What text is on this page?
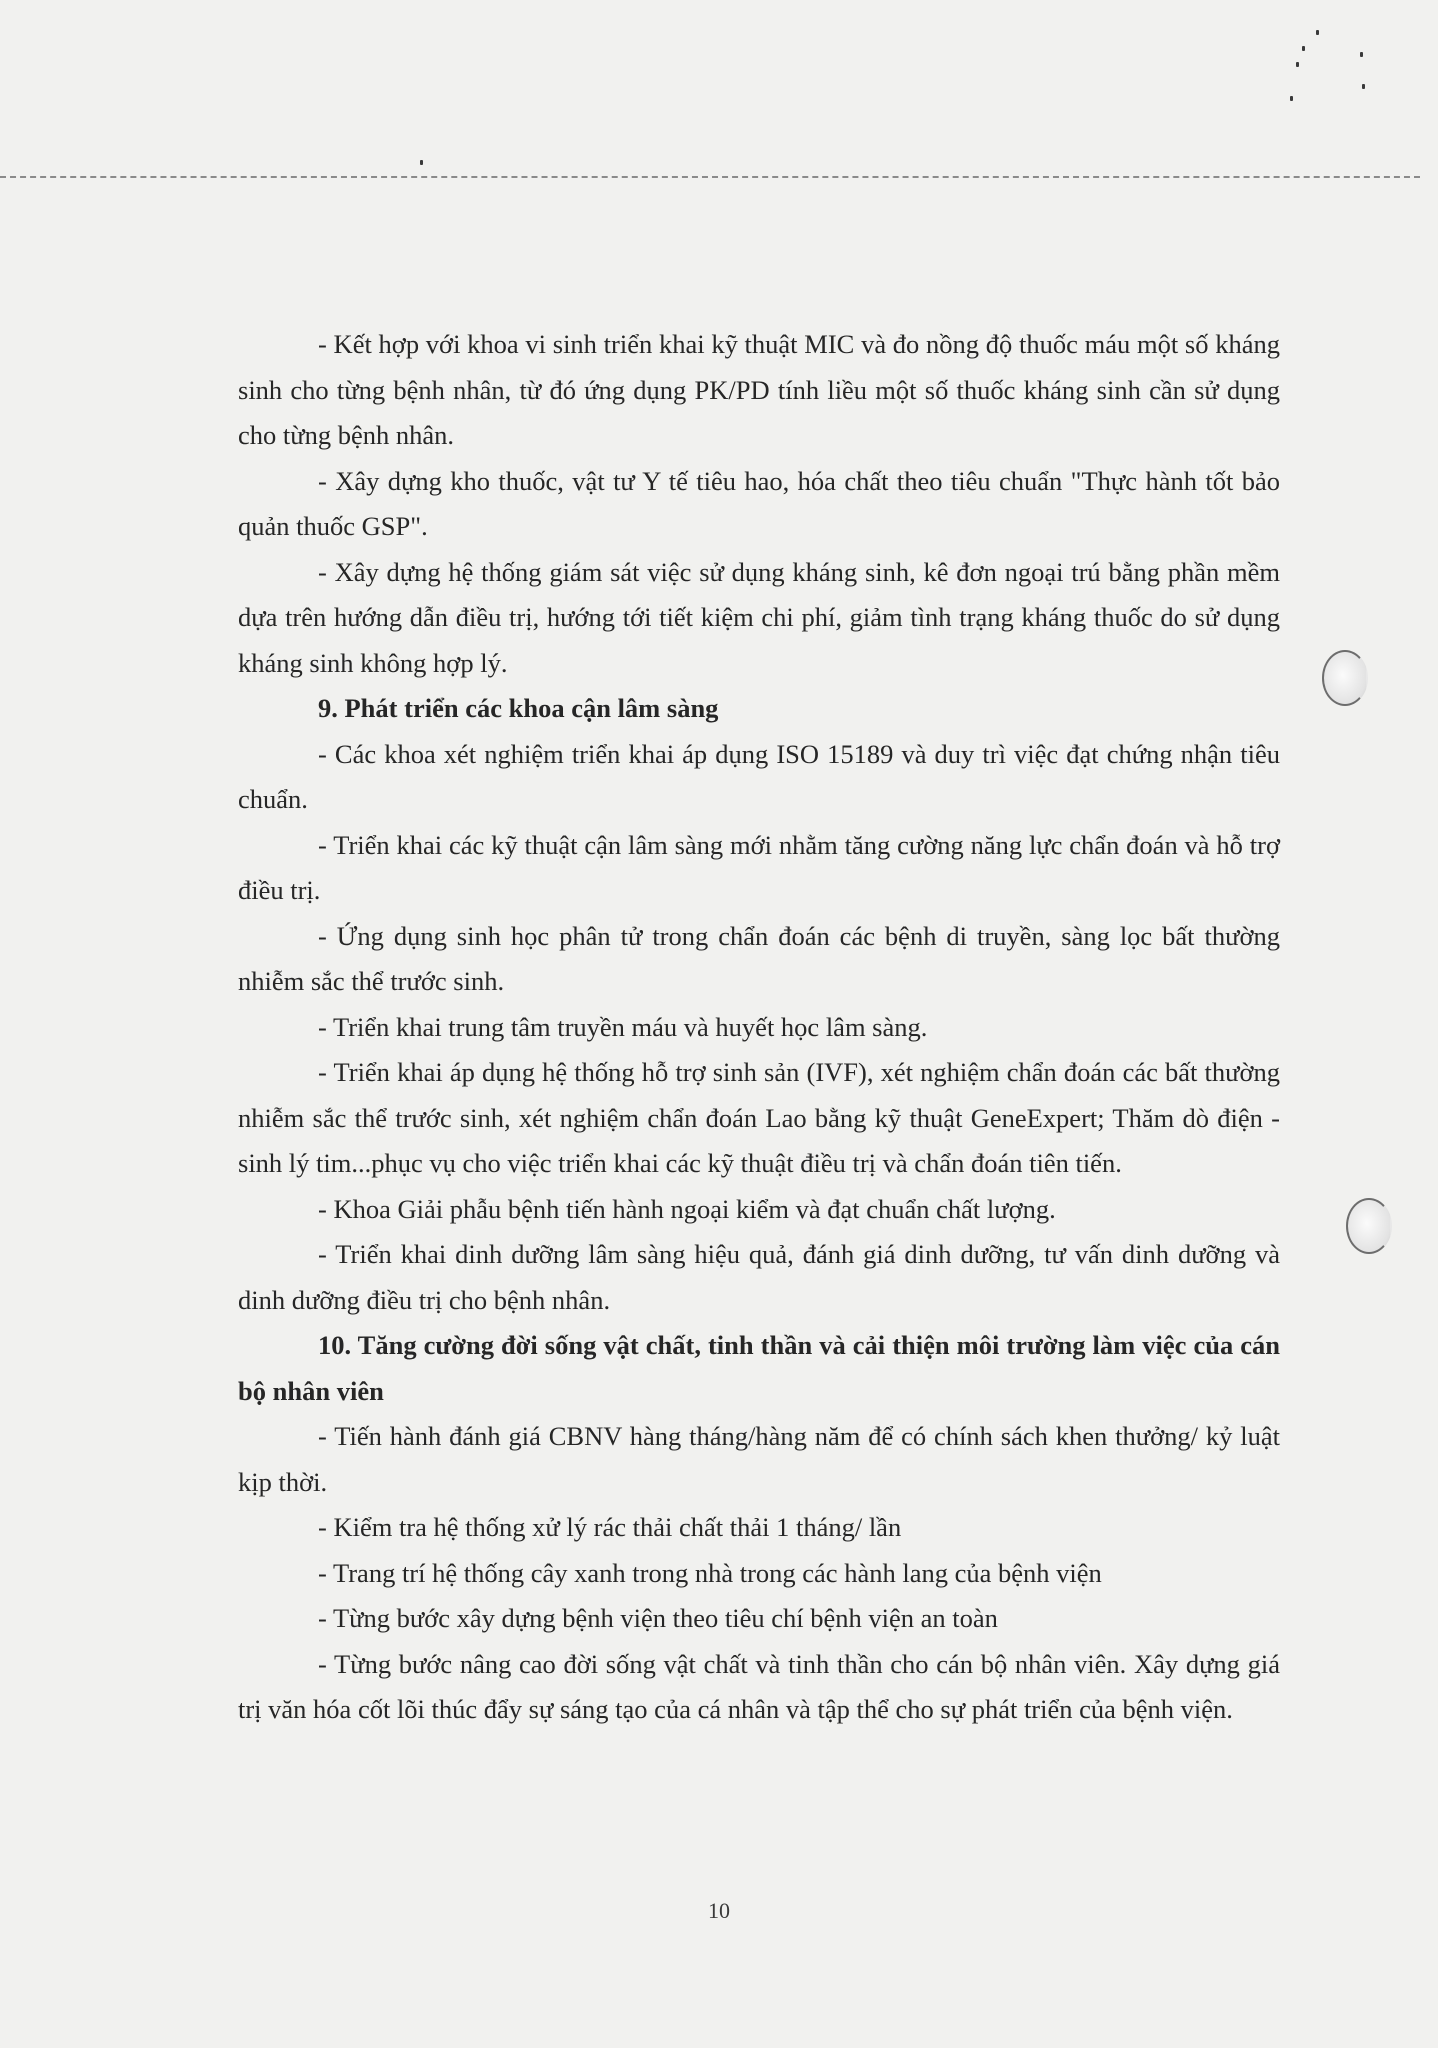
- Kết hợp với khoa vi sinh triển khai kỹ thuật MIC và đo nồng độ thuốc máu một số kháng sinh cho từng bệnh nhân, từ đó ứng dụng PK/PD tính liều một số thuốc kháng sinh cần sử dụng cho từng bệnh nhân.

- Xây dựng kho thuốc, vật tư Y tế tiêu hao, hóa chất theo tiêu chuẩn "Thực hành tốt bảo quản thuốc GSP".

- Xây dựng hệ thống giám sát việc sử dụng kháng sinh, kê đơn ngoại trú bằng phần mềm dựa trên hướng dẫn điều trị, hướng tới tiết kiệm chi phí, giảm tình trạng kháng thuốc do sử dụng kháng sinh không hợp lý.

9. Phát triển các khoa cận lâm sàng

- Các khoa xét nghiệm triển khai áp dụng ISO 15189 và duy trì việc đạt chứng nhận tiêu chuẩn.

- Triển khai các kỹ thuật cận lâm sàng mới nhằm tăng cường năng lực chẩn đoán và hỗ trợ điều trị.

- Ứng dụng sinh học phân tử trong chẩn đoán các bệnh di truyền, sàng lọc bất thường nhiễm sắc thể trước sinh.

- Triển khai trung tâm truyền máu và huyết học lâm sàng.

- Triển khai áp dụng hệ thống hỗ trợ sinh sản (IVF), xét nghiệm chẩn đoán các bất thường nhiễm sắc thể trước sinh, xét nghiệm chẩn đoán Lao bằng kỹ thuật GeneExpert; Thăm dò điện - sinh lý tim...phục vụ cho việc triển khai các kỹ thuật điều trị và chẩn đoán tiên tiến.

- Khoa Giải phẫu bệnh tiến hành ngoại kiểm và đạt chuẩn chất lượng.

- Triển khai dinh dưỡng lâm sàng hiệu quả, đánh giá dinh dưỡng, tư vấn dinh dưỡng và dinh dưỡng điều trị cho bệnh nhân.

10. Tăng cường đời sống vật chất, tinh thần và cải thiện môi trường làm việc của cán bộ nhân viên

- Tiến hành đánh giá CBNV hàng tháng/hàng năm để có chính sách khen thưởng/ kỷ luật kịp thời.

- Kiểm tra hệ thống xử lý rác thải chất thải 1 tháng/ lần

- Trang trí hệ thống cây xanh trong nhà trong các hành lang của bệnh viện

- Từng bước xây dựng bệnh viện theo tiêu chí bệnh viện an toàn

- Từng bước nâng cao đời sống vật chất và tinh thần cho cán bộ nhân viên. Xây dựng giá trị văn hóa cốt lõi thúc đẩy sự sáng tạo của cá nhân và tập thể cho sự phát triển của bệnh viện.

10
